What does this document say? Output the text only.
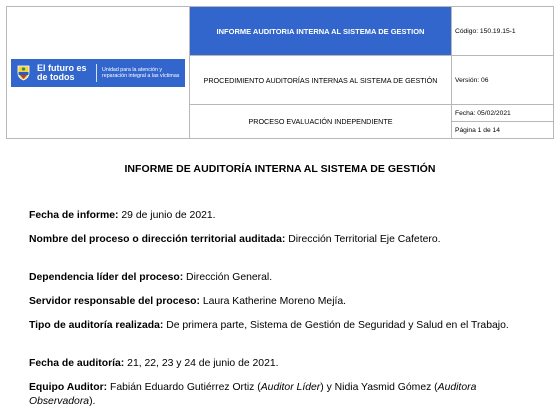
El futuro es de todos
Unidad para la atención y reparación integral a las víctimas	INFORME AUDITORIA INTERNA AL SISTEMA DE GESTION	Código: 150.19.15-1
	PROCEDIMIENTO AUDITORÍAS INTERNAS AL SISTEMA DE GESTIÓN	Versión: 06
	PROCESO EVALUACIÓN INDEPENDIENTE	Fecha: 05/02/2021
		Página 1 de 14
INFORME DE AUDITORÍA INTERNA AL SISTEMA DE GESTIÓN
Fecha de informe: 29 de junio de 2021.
Nombre del proceso o dirección territorial auditada: Dirección Territorial Eje Cafetero.
Dependencia líder del proceso: Dirección General.
Servidor responsable del proceso: Laura Katherine Moreno Mejía.
Tipo de auditoría realizada: De primera parte, Sistema de Gestión de Seguridad y Salud en el Trabajo.
Fecha de auditoría: 21, 22, 23 y 24 de junio de 2021.
Equipo Auditor: Fabián Eduardo Gutiérrez Ortiz (Auditor Líder) y Nidia Yasmid Gómez (Auditora Observadora).
